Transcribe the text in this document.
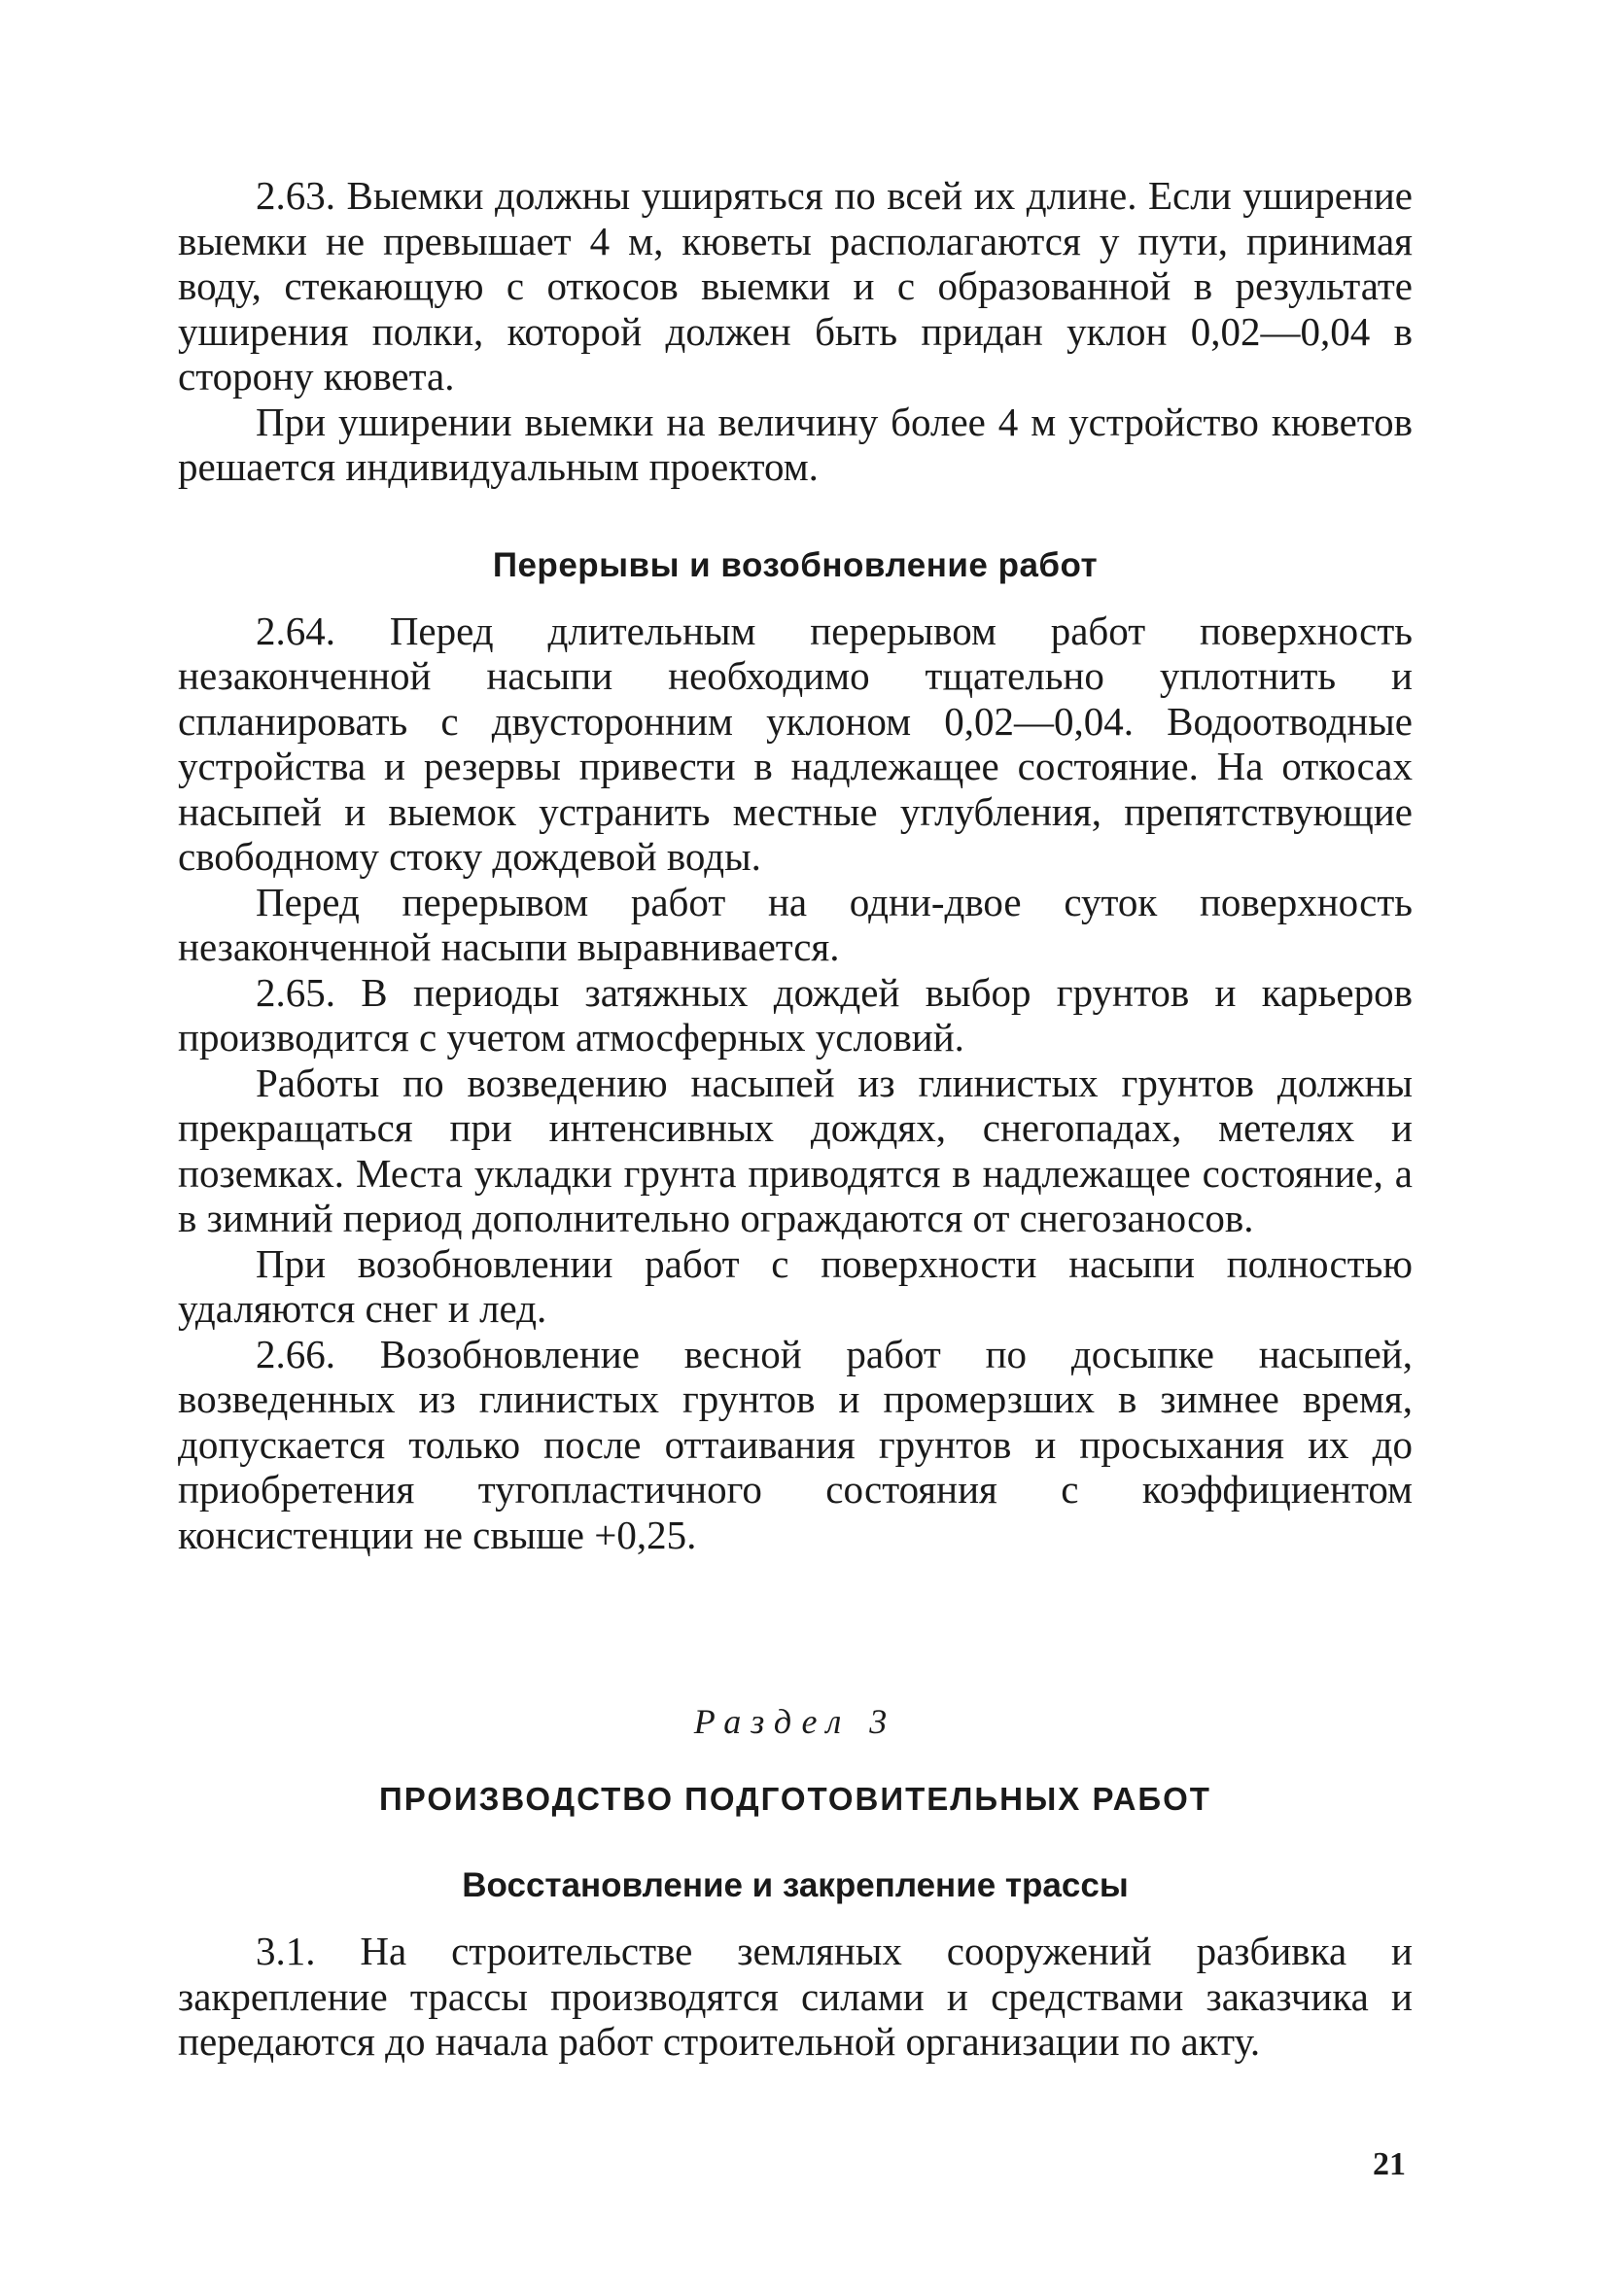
2.63. Выемки должны уширяться по всей их длине. Если уширение выемки не превышает 4 м, кюветы располагаются у пути, принимая воду, стекающую с откосов выемки и с образованной в результате уширения полки, которой должен быть придан уклон 0,02—0,04 в сторону кювета.

При уширении выемки на величину более 4 м устройство кюветов решается индивидуальным проектом.

Перерывы и возобновление работ

2.64. Перед длительным перерывом работ поверхность незаконченной насыпи необходимо тщательно уплотнить и спланировать с двусторонним уклоном 0,02—0,04. Водоотводные устройства и резервы привести в надлежащее состояние. На откосах насыпей и выемок устранить местные углубления, препятствующие свободному стоку дождевой воды.

Перед перерывом работ на одни-двое суток поверхность незаконченной насыпи выравнивается.

2.65. В периоды затяжных дождей выбор грунтов и карьеров производится с учетом атмосферных условий.

Работы по возведению насыпей из глинистых грунтов должны прекращаться при интенсивных дождях, снегопадах, метелях и поземках. Места укладки грунта приводятся в надлежащее состояние, а в зимний период дополнительно ограждаются от снегозаносов.

При возобновлении работ с поверхности насыпи полностью удаляются снег и лед.

2.66. Возобновление весной работ по досыпке насыпей, возведенных из глинистых грунтов и промерзших в зимнее время, допускается только после оттаивания грунтов и просыхания их до приобретения тугопластичного состояния с коэффициентом консистенции не свыше +0,25.

Раздел 3

ПРОИЗВОДСТВО ПОДГОТОВИТЕЛЬНЫХ РАБОТ
Восстановление и закрепление трассы

3.1. На строительстве земляных сооружений разбивка и закрепление трассы производятся силами и средствами заказчика и передаются до начала работ строительной организации по акту.

21
